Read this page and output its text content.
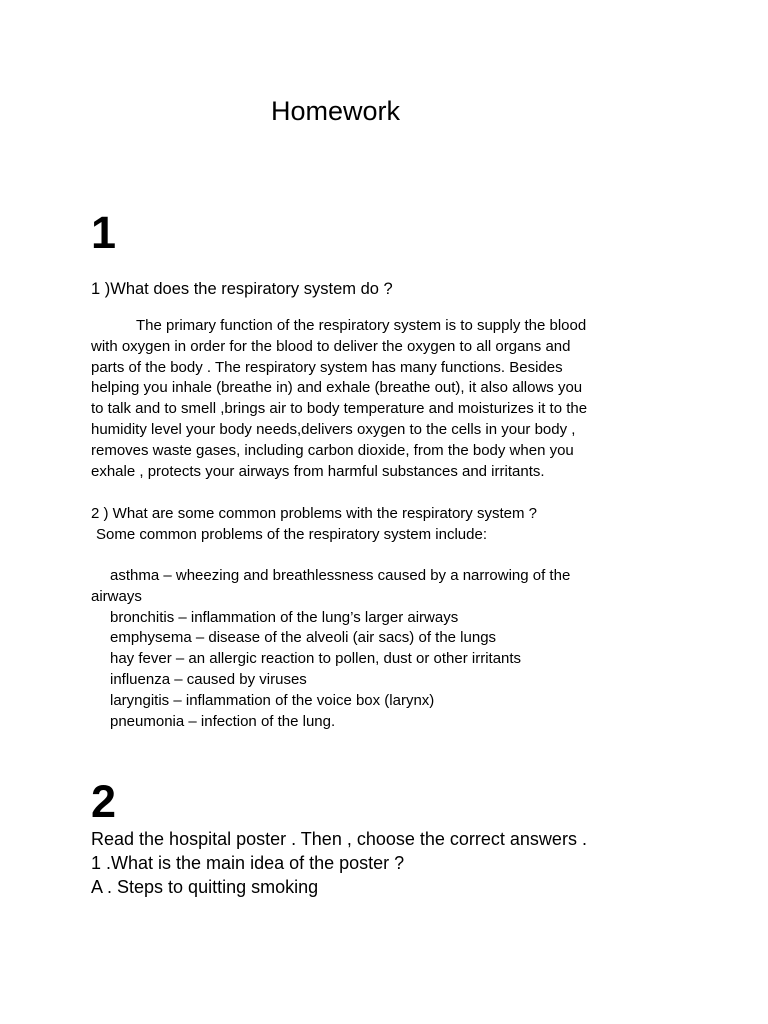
Homework
1
1 )What does the respiratory system do ?
The primary function of the respiratory system is to supply the blood
with oxygen in order for the blood to deliver the oxygen to all organs and
parts of the body . The respiratory system has many functions. Besides
helping you inhale (breathe in) and exhale (breathe out), it also allows you
to talk and to smell ,brings air to body temperature and moisturizes it to the
humidity level your body needs,delivers oxygen to the cells in your body ,
removes waste gases, including carbon dioxide, from the body when you
exhale , protects your airways from harmful substances and irritants.
2 ) What are some common problems with the respiratory system ?
Some common problems of the respiratory system include:
asthma – wheezing and breathlessness caused by a narrowing of the
airways
bronchitis – inflammation of the lung’s larger airways
emphysema – disease of the alveoli (air sacs) of the lungs
hay fever – an allergic reaction to pollen, dust or other irritants
influenza – caused by viruses
laryngitis – inflammation of the voice box (larynx)
pneumonia – infection of the lung.
2
Read the hospital poster . Then , choose the correct answers .
1 .What is the main idea of the poster ?
A . Steps to quitting smoking
